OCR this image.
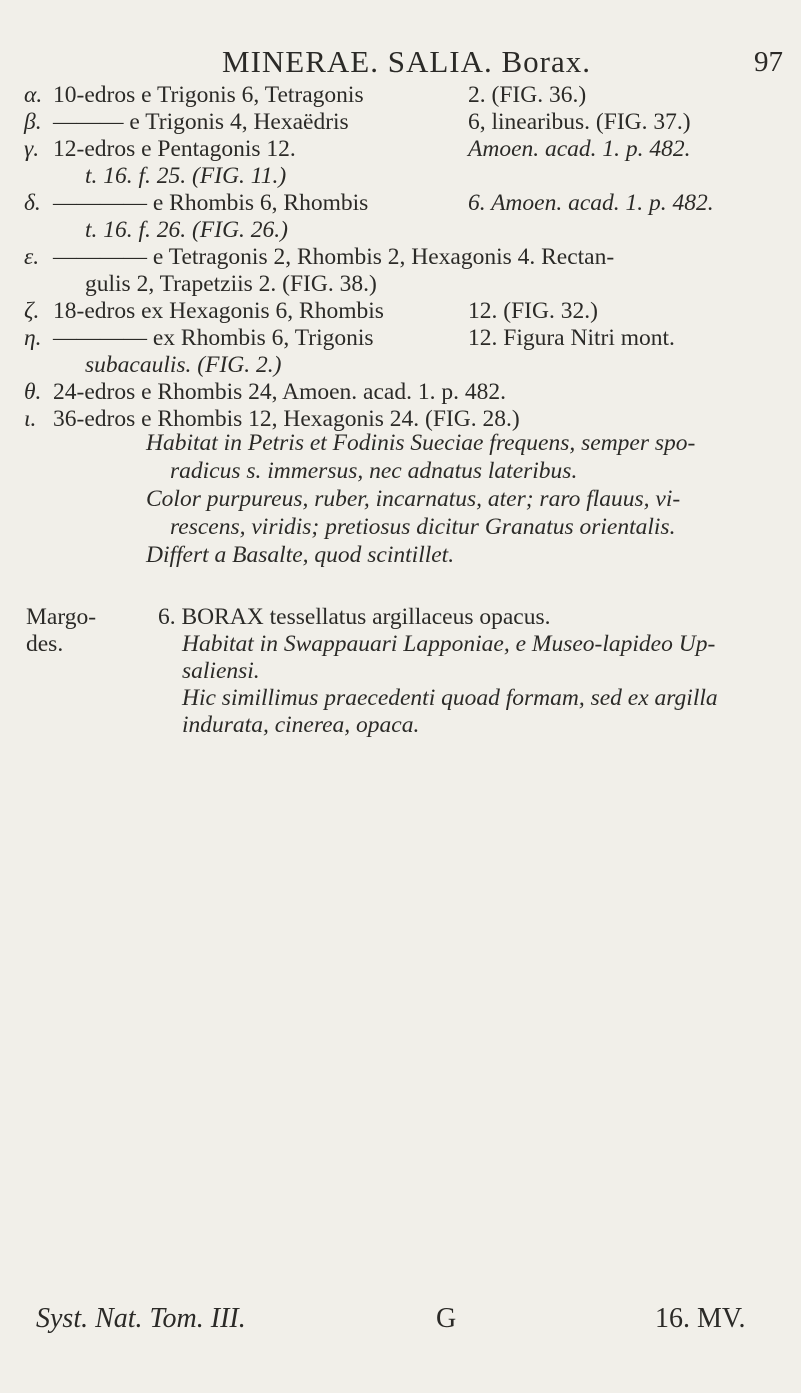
MINERAE. SALIA. Borax.	97
α. 10-edros e Trigonis 6, Tetragonis	2. (FIG. 36.)
β. ——— e Trigonis 4, Hexaëdris	6, linearibus. (FIG. 37.)
γ. 12-edros e Pentagonis 12.	Amoen. acad. 1. p. 482.
t. 16. f. 25. (FIG. 11.)
δ. ———— e Rhombis 6, Rhombis	6. Amoen. acad. 1. p. 482.
t. 16. f. 26. (FIG. 26.)
ε. ———— e Tetragonis 2, Rhombis 2, Hexagonis 4. Rectan-
gulis 2, Trapetziis 2. (FIG. 38.)
ζ. 18-edros ex Hexagonis 6, Rhombis	12. (FIG. 32.)
η. ———— ex Rhombis 6, Trigonis	12. Figura Nitri mont.
subacaulis. (FIG. 2.)
θ. 24-edros e Rhombis 24, Amoen. acad. 1. p. 482.
ι. 36-edros e Rhombis 12, Hexagonis 24. (FIG. 28.)

Habitat in Petris et Fodinis Sueciae frequens, semper spo-

radicus s. immersus, nec adnatus lateribus.

Color purpureus, ruber, incarnatus, ater; raro flauus, vi-

rescens, viridis; pretiosus dicitur Granatus orientalis.

Differt a Basalte, quod scintillet.

Margo-
des.

6. BORAX tessellatus argillaceus opacus.

Habitat in Swappauari Lapponiae, e Museo-lapideo Up-

saliensi.

Hic simillimus praecedenti quoad formam, sed ex argilla

indurata, cinerea, opaca.

Syst. Nat. Tom. III.	G	16. MV.
